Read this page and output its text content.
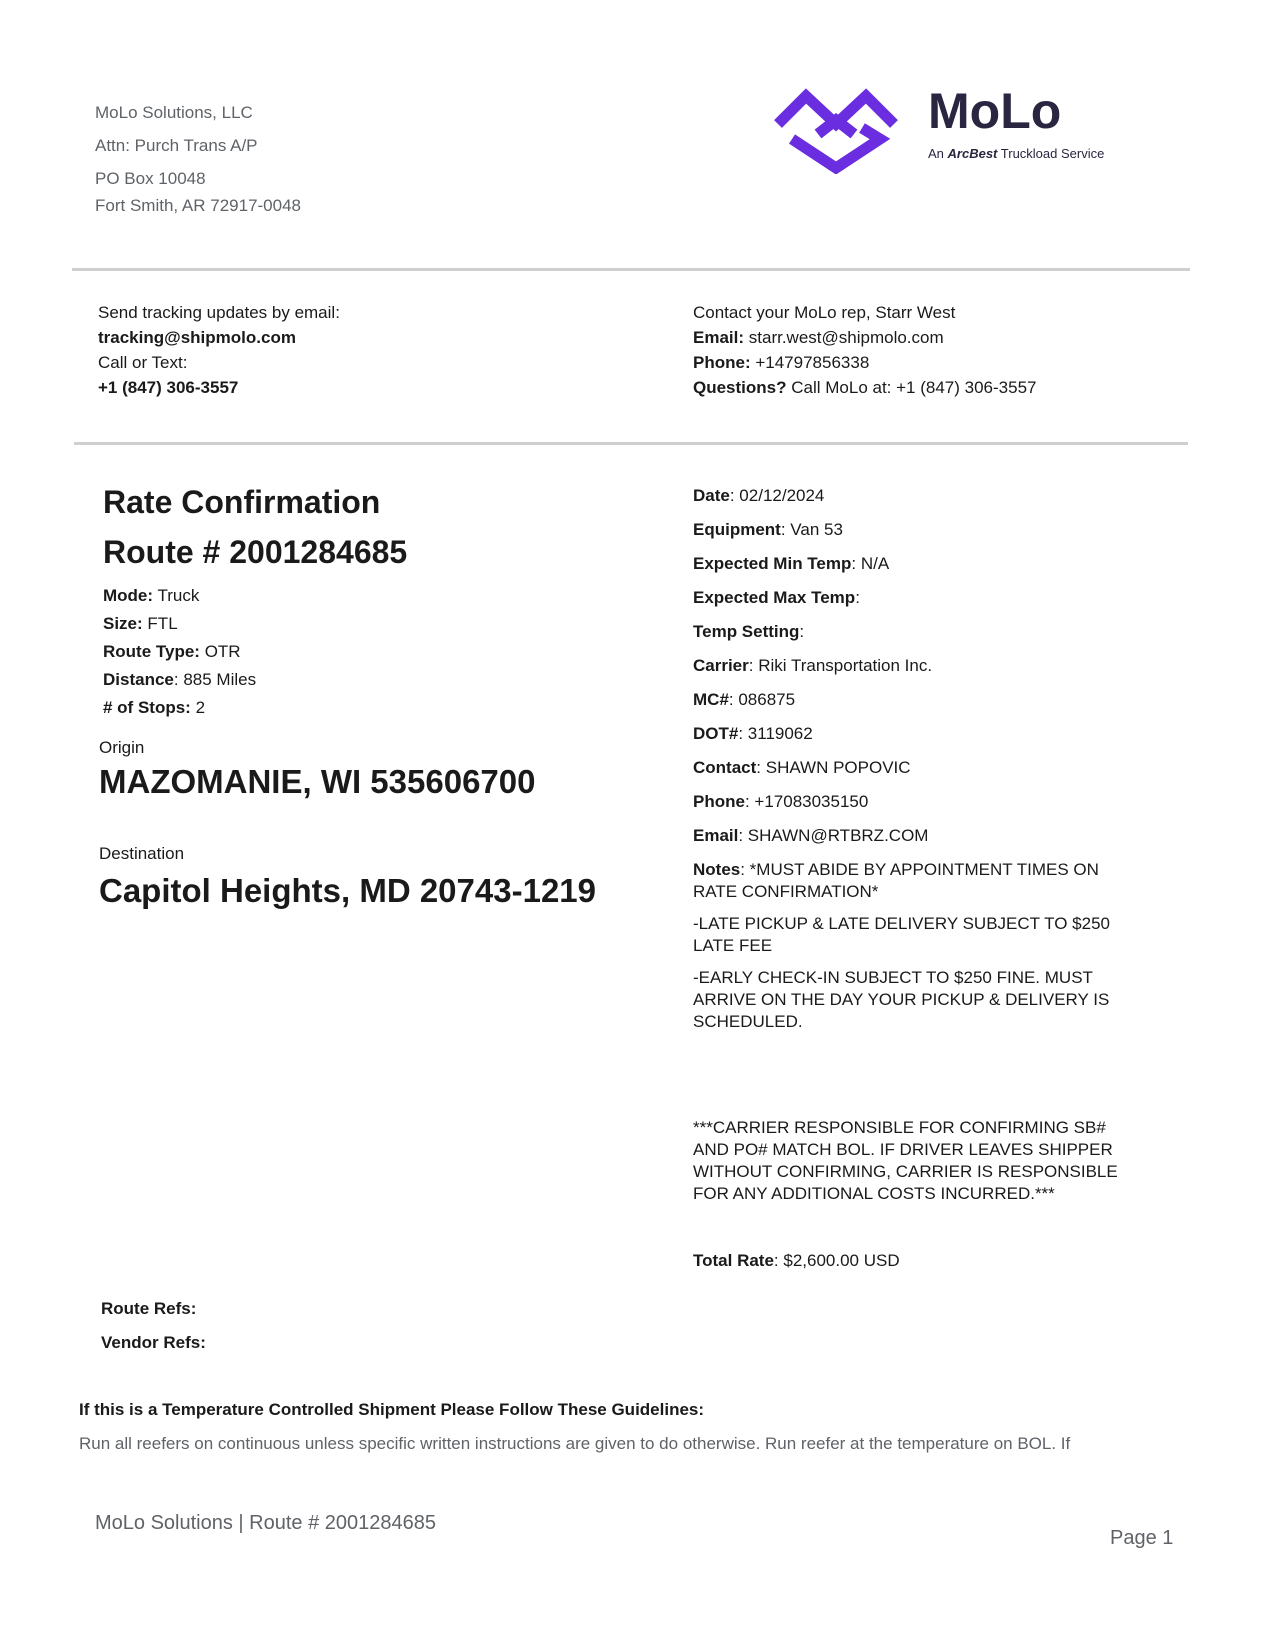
MoLo Solutions, LLC
Attn: Purch Trans A/P
PO Box 10048
Fort Smith, AR 72917-0048
MoLo
An ArcBest Truckload Service
Send tracking updates by email:
tracking@shipmolo.com
Call or Text:
+1 (847) 306-3557
Contact your MoLo rep, Starr West
Email: starr.west@shipmolo.com
Phone: +14797856338
Questions? Call MoLo at: +1 (847) 306-3557
Rate Confirmation
Route # 2001284685
Mode: Truck
Size: FTL
Route Type: OTR
Distance: 885 Miles
# of Stops: 2
Origin
MAZOMANIE, WI 535606700
Destination
Capitol Heights, MD 20743-1219
Date: 02/12/2024
Equipment: Van 53
Expected Min Temp: N/A
Expected Max Temp:
Temp Setting:
Carrier: Riki Transportation Inc.
MC#: 086875
DOT#: 3119062
Contact: SHAWN POPOVIC
Phone: +17083035150
Email: SHAWN@RTBRZ.COM

Notes: *MUST ABIDE BY APPOINTMENT TIMES ON RATE CONFIRMATION*

-LATE PICKUP & LATE DELIVERY SUBJECT TO $250 LATE FEE

-EARLY CHECK-IN SUBJECT TO $250 FINE. MUST ARRIVE ON THE DAY YOUR PICKUP & DELIVERY IS SCHEDULED.

***CARRIER RESPONSIBLE FOR CONFIRMING SB# AND PO# MATCH BOL. IF DRIVER LEAVES SHIPPER WITHOUT CONFIRMING, CARRIER IS RESPONSIBLE FOR ANY ADDITIONAL COSTS INCURRED.***
Total Rate: $2,600.00 USD
Route Refs:
Vendor Refs:
If this is a Temperature Controlled Shipment Please Follow These Guidelines:
Run all reefers on continuous unless specific written instructions are given to do otherwise. Run reefer at the temperature on BOL. If
MoLo Solutions | Route # 2001284685
Page 1
